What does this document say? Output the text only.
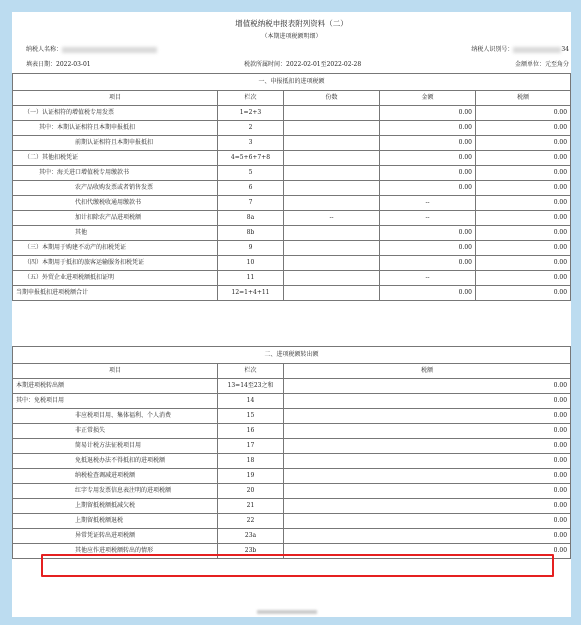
增值税纳税申报表附列资料（二）
（本期进项税额明细）
纳税人名称：	纳税人识别号：	34
填表日期：2022-03-01	税款所属时间：2022-02-01至2022-02-28	金额单位：元至角分
一、申报抵扣的进项税额				
项目	栏次	份数	金额	税额
（一）认证相符的增值税专用发票	1=2+3		0.00	0.00
其中：本期认证相符且本期申报抵扣	2		0.00	0.00
前期认证相符且本期申报抵扣	3		0.00	0.00
（二）其他扣税凭证	4=5+6+7+8		0.00	0.00
其中：海关进口增值税专用缴款书	5		0.00	0.00
农产品收购发票或者销售发票	6		0.00	0.00
代扣代缴税收通用缴款书	7		--	0.00
加计扣除农产品进项税额	8a	--	--	0.00
其他	8b		0.00	0.00
（三）本期用于购建不动产的扣税凭证	9		0.00	0.00
（四）本期用于抵扣的旅客运输服务扣税凭证	10		0.00	0.00
（五）外贸企业进项税额抵扣证明	11		--	0.00
当期申报抵扣进项税额合计	12=1+4+11		0.00	0.00
二、进项税额转出额		
项目	栏次	税额
本期进项税转出额	13=14至23之和	0.00
其中：免税项目用	14	0.00
非应税项目用、集体福利、个人消费	15	0.00
非正常损失	16	0.00
简易计税方法征税项目用	17	0.00
免抵退税办法不得抵扣的进项税额	18	0.00
纳税检查调减进项税额	19	0.00
红字专用发票信息表注明的进项税额	20	0.00
上期留抵税额抵减欠税	21	0.00
上期留抵税额退税	22	0.00
异常凭证转出进项税额	23a	0.00
其他应作进项税额转出的情形	23b	0.00
